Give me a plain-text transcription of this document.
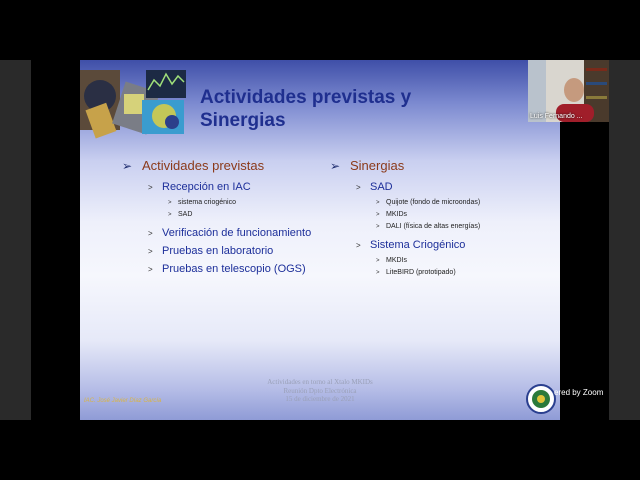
Actividades previstas y Sinergias
➢ Actividades previstas
> Recepción en IAC
> sistema criogénico
> SAD
> Verificación de funcionamiento
> Pruebas en laboratorio
> Pruebas en telescopio (OGS)
➢ Sinergias
> SAD
> Quijote (fondo de microondas)
> MKIDs
> DALI (física de altas energías)
> Sistema Criogénico
> MKDIs
> LiteBIRD (prototipado)
IAC. José Javier Díaz García
Actividades en torno al Xtalo MKIDs
Reunión Dpto Electrónica
15 de diciembre de 2021
Luis Fernando ...
ered by Zoom
